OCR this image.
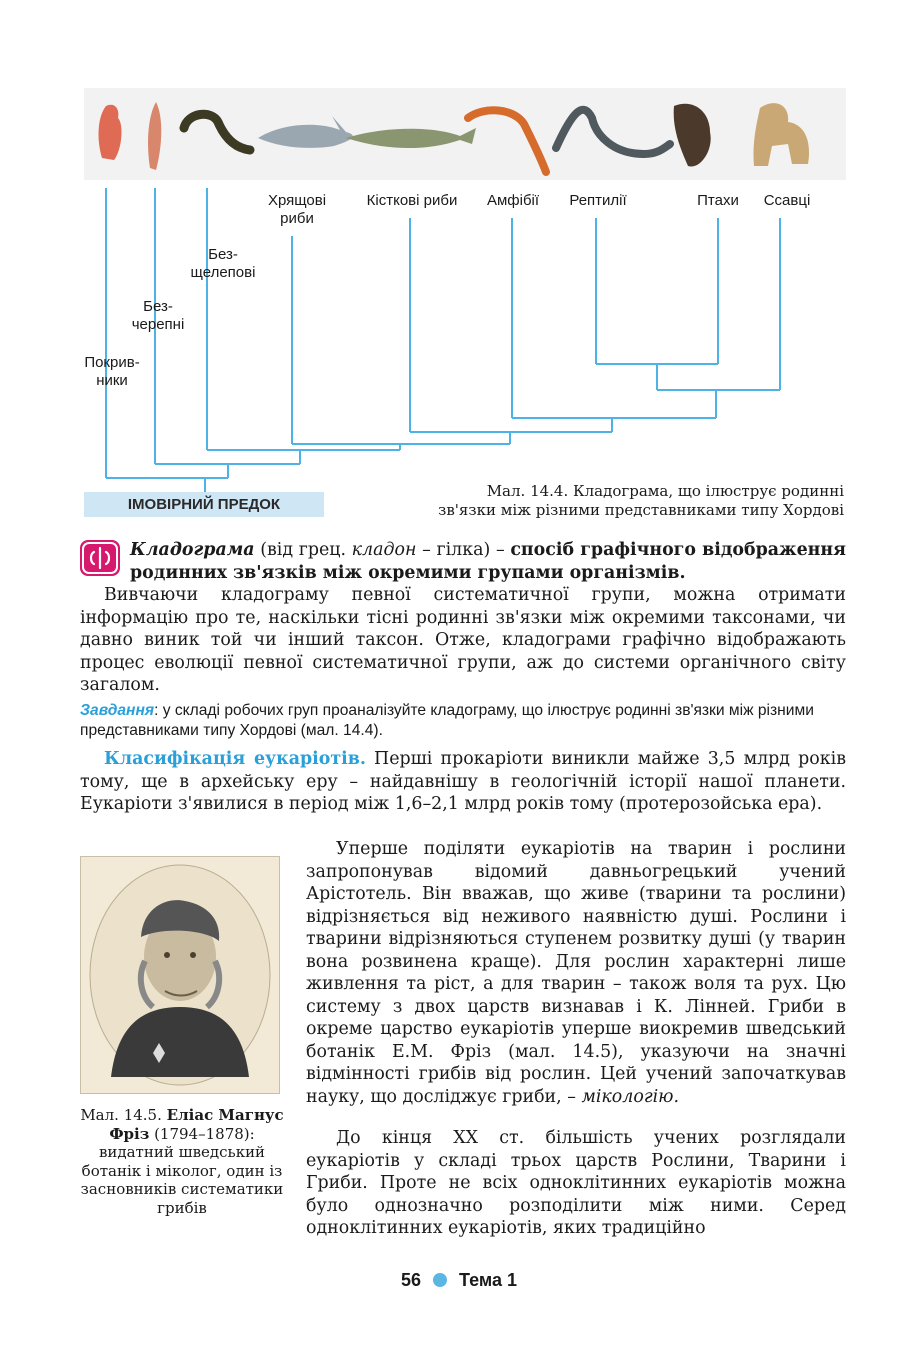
Покрив-
ники
Без-
черепні
Без-
щелепові
Хрящові
риби
Кісткові риби	Амфібії	Рептилії	Птахи	Ссавці
ІМОВІРНИЙ ПРЕДОК
Мал. 14.4. Кладограма, що ілюструє родинні
зв'язки між різними представниками типу Хордові
Кладограма (від грец. кладон – гілка) – спосіб графічного відображення родинних зв'язків між окремими групами організмів.
Вивчаючи кладограму певної систематичної групи, можна отримати інформацію про те, наскільки тісні родинні зв'язки між окремими таксонами, чи давно виник той чи інший таксон. Отже, кладограми графічно відображають процес еволюції певної систематичної групи, аж до системи органічного світу загалом.
Завдання: у складі робочих груп проаналізуйте кладограму, що ілюструє родинні зв'язки між різними представниками типу Хордові (мал. 14.4).
Класифікація еукаріотів. Перші прокаріоти виникли майже 3,5 млрд років тому, ще в архейську еру – найдавнішу в геологічній історії нашої планети. Еукаріоти з'явилися в період між 1,6–2,1 млрд років тому (протерозойська ера).
Мал. 14.5. Еліас Магнус Фріз (1794–1878): видатний шведський ботанік і міколог, один із засновників систематики грибів
Уперше поділяти еукаріотів на тварин і рослини запропонував відомий давньогрецький учений Арістотель. Він вважав, що живе (тварини та рослини) відрізняється від неживого наявністю душі. Рослини і тварини відрізняються ступенем розвитку душі (у тварин вона розвинена краще). Для рослин характерні лише живлення та ріст, а для тварин – також воля та рух. Цю систему з двох царств визнавав і К. Лінней. Гриби в окреме царство еукаріотів уперше виокремив шведський ботанік Е.М. Фріз (мал. 14.5), указуючи на значні відмінності грибів від рослин. Цей учений започаткував науку, що досліджує гриби, – мікологію.
До кінця XX ст. більшість учених розглядали еукаріотів у складі трьох царств Рослини, Тварини і Гриби. Проте не всіх одноклітинних еукаріотів можна було однозначно розподілити між ними. Серед одноклітинних еукаріотів, яких традиційно
56 Тема 1
